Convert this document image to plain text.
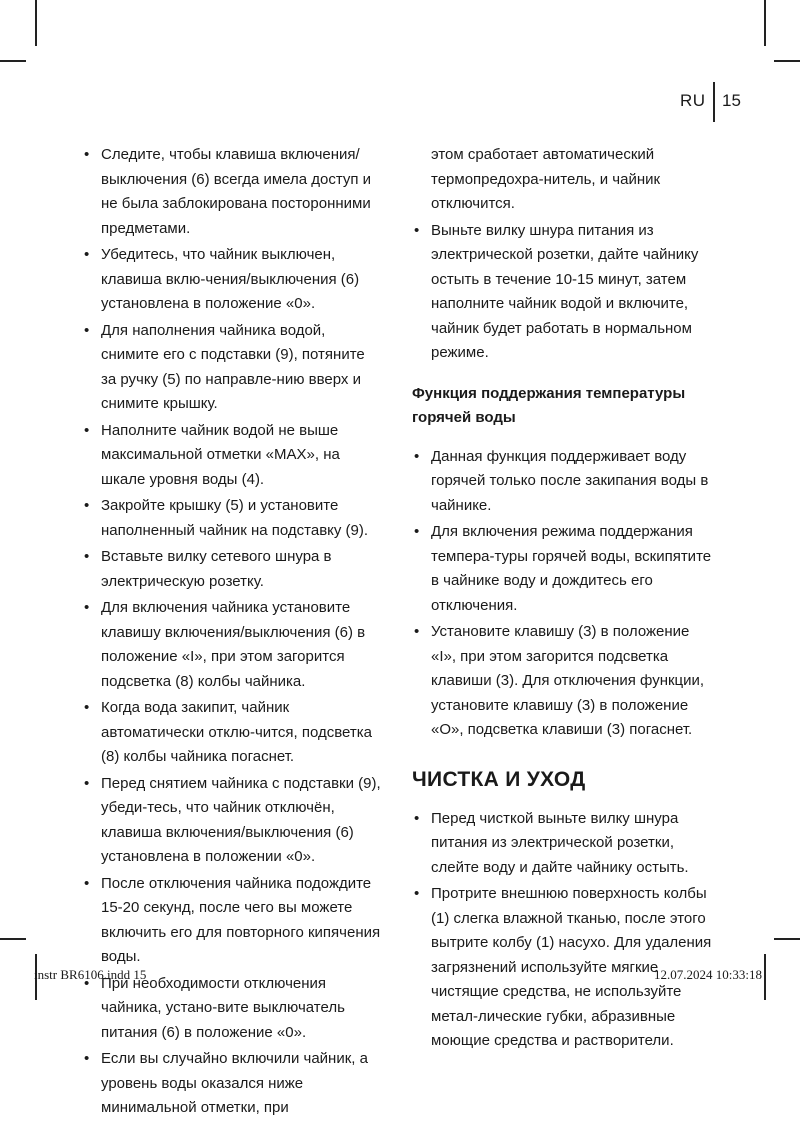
RU 15
• Следите, чтобы клавиша включения/выключения (6) всегда имела доступ и не была заблокирована посторонними предметами.
• Убедитесь, что чайник выключен, клавиша вклю-чения/выключения (6) установлена в положение «0».
• Для наполнения чайника водой, снимите его с подставки (9), потяните за ручку (5) по направле-нию вверх и снимите крышку.
• Наполните чайник водой не выше максимальной отметки «MAX», на шкале уровня воды (4).
• Закройте крышку (5) и установите наполненный чайник на подставку (9).
• Вставьте вилку сетевого шнура в электрическую розетку.
• Для включения чайника установите клавишу включения/выключения (6) в положение «I», при этом загорится подсветка (8) колбы чайника.
• Когда вода закипит, чайник автоматически отклю-чится, подсветка (8) колбы чайника погаснет.
• Перед снятием чайника с подставки (9), убеди-тесь, что чайник отключён, клавиша включения/выключения (6) установлена в положении «0».
• После отключения чайника подождите 15-20 секунд, после чего вы можете включить его для повторного кипячения воды.
• При необходимости отключения чайника, устано-вите выключатель питания (6) в положение «0».
• Если вы случайно включили чайник, а уровень воды оказался ниже минимальной отметки, при
этом сработает автоматический термопредохра-нитель, и чайник отключится.
• Выньте вилку шнура питания из электрической розетки, дайте чайнику остыть в течение 10-15 минут, затем наполните чайник водой и включите, чайник будет работать в нормальном режиме.
Функция поддержания температуры горячей воды
• Данная функция поддерживает воду горячей только после закипания воды в чайнике.
• Для включения режима поддержания темпера-туры горячей воды, вскипятите в чайнике воду и дождитесь его отключения.
• Установите клавишу (3) в положение «I», при этом загорится подсветка клавиши (3). Для отключения функции, установите клавишу (3) в положение «О», подсветка клавиши (3) погаснет.
ЧИСТКА И УХОД
• Перед чисткой выньте вилку шнура питания из электрической розетки, слейте воду и дайте чайнику остыть.
• Протрите внешнюю поверхность колбы (1) слегка влажной тканью, после этого вытрите колбу (1) насухо. Для удаления загрязнений используйте мягкие чистящие средства, не используйте метал-лические губки, абразивные моющие средства и растворители.
instr BR6106.indd 15	12.07.2024 10:33:18
